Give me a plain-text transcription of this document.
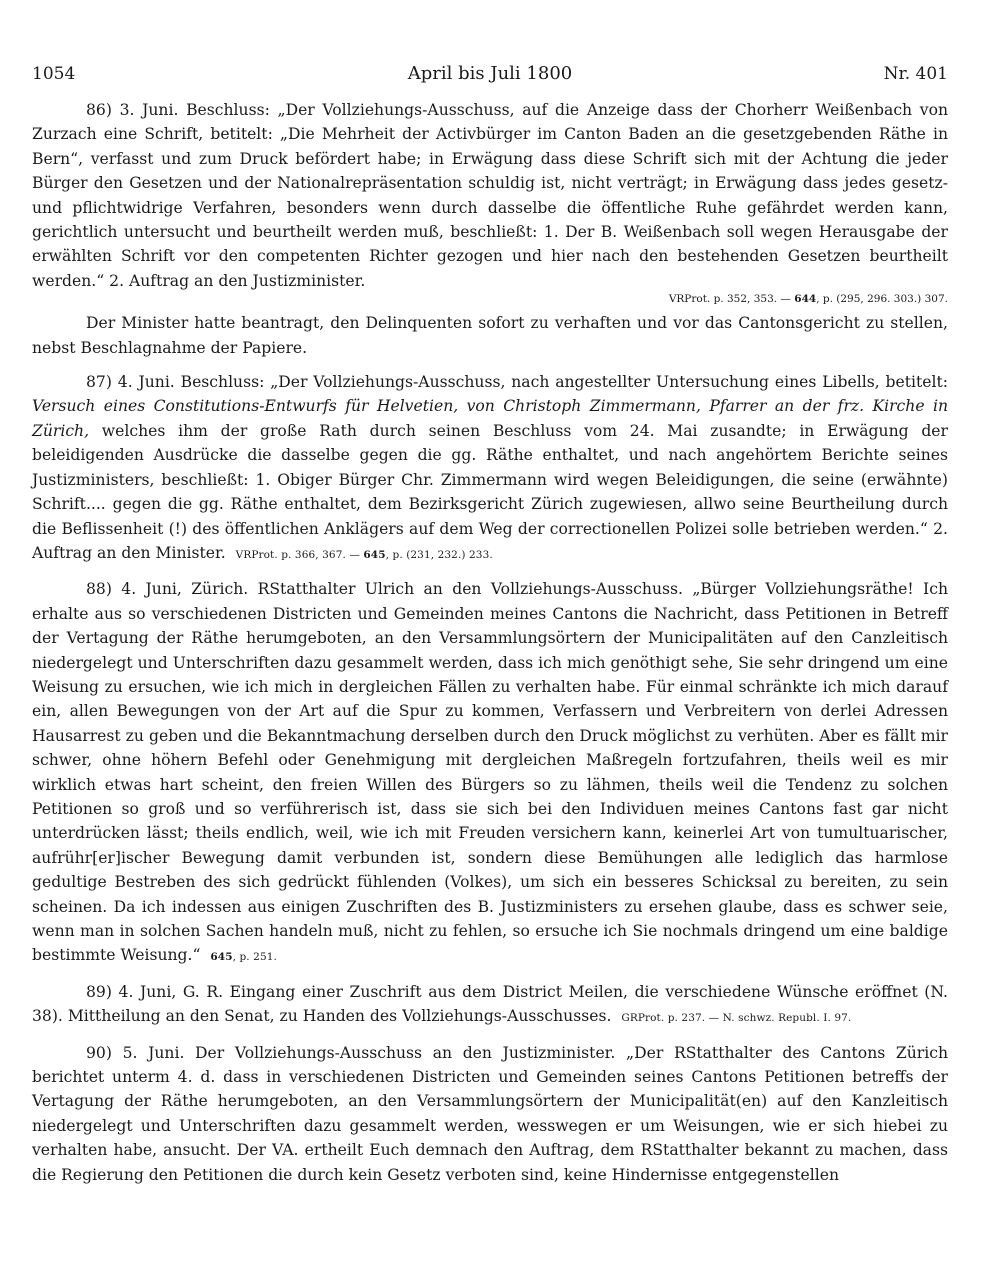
1054	April bis Juli 1800	Nr. 401

86) 3. Juni. Beschluss: „Der Vollziehungs-Ausschuss, auf die Anzeige dass der Chorherr Weißenbach von Zurzach eine Schrift, betitelt: „Die Mehrheit der Activbürger im Canton Baden an die gesetzgebenden Räthe in Bern“, verfasst und zum Druck befördert habe; in Erwägung dass diese Schrift sich mit der Achtung die jeder Bürger den Gesetzen und der Nationalrepräsentation schuldig ist, nicht verträgt; in Erwägung dass jedes gesetz- und pflichtwidrige Verfahren, besonders wenn durch dasselbe die öffentliche Ruhe gefährdet werden kann, gerichtlich untersucht und beurtheilt werden muß, beschließt: 1. Der B. Weißenbach soll wegen Herausgabe der erwählten Schrift vor den competenten Richter gezogen und hier nach den bestehenden Gesetzen beurtheilt werden.“ 2. Auftrag an den Justizminister.

VRProt. p. 352, 353. — 644, p. (295, 296. 303.) 307.

Der Minister hatte beantragt, den Delinquenten sofort zu verhaften und vor das Cantonsgericht zu stellen, nebst Beschlagnahme der Papiere.

87) 4. Juni. Beschluss: „Der Vollziehungs-Ausschuss, nach angestellter Untersuchung eines Libells, betitelt: Versuch eines Constitutions-Entwurfs für Helvetien, von Christoph Zimmermann, Pfarrer an der frz. Kirche in Zürich, welches ihm der große Rath durch seinen Beschluss vom 24. Mai zusandte; in Erwägung der beleidigenden Ausdrücke die dasselbe gegen die gg. Räthe enthaltet, und nach angehörtem Berichte seines Justizministers, beschließt: 1. Obiger Bürger Chr. Zimmermann wird wegen Beleidigungen, die seine (erwähnte) Schrift.... gegen die gg. Räthe enthaltet, dem Bezirksgericht Zürich zugewiesen, allwo seine Beurtheilung durch die Beflissenheit (!) des öffentlichen Anklägers auf dem Weg der correctionellen Polizei solle betrieben werden.“ 2. Auftrag an den Minister. VRProt. p. 366, 367. — 645, p. (231, 232.) 233.

88) 4. Juni, Zürich. RStatthalter Ulrich an den Vollziehungs-Ausschuss. „Bürger Vollziehungsräthe! Ich erhalte aus so verschiedenen Districten und Gemeinden meines Cantons die Nachricht, dass Petitionen in Betreff der Vertagung der Räthe herumgeboten, an den Versammlungsörtern der Municipalitäten auf den Canzleitisch niedergelegt und Unterschriften dazu gesammelt werden, dass ich mich genöthigt sehe, Sie sehr dringend um eine Weisung zu ersuchen, wie ich mich in dergleichen Fällen zu verhalten habe. Für einmal schränkte ich mich darauf ein, allen Bewegungen von der Art auf die Spur zu kommen, Verfassern und Verbreitern von derlei Adressen Hausarrest zu geben und die Bekanntmachung derselben durch den Druck möglichst zu verhüten. Aber es fällt mir schwer, ohne höhern Befehl oder Genehmigung mit dergleichen Maßregeln fortzufahren, theils weil es mir wirklich etwas hart scheint, den freien Willen des Bürgers so zu lähmen, theils weil die Tendenz zu solchen Petitionen so groß und so verführerisch ist, dass sie sich bei den Individuen meines Cantons fast gar nicht unterdrücken lässt; theils endlich, weil, wie ich mit Freuden versichern kann, keinerlei Art von tumultuarischer, aufrühr[er]ischer Bewegung damit verbunden ist, sondern diese Bemühungen alle lediglich das harmlose gedultige Bestreben des sich gedrückt fühlenden (Volkes), um sich ein besseres Schicksal zu bereiten, zu sein scheinen. Da ich indessen aus einigen Zuschriften des B. Justizministers zu ersehen glaube, dass es schwer seie, wenn man in solchen Sachen handeln muß, nicht zu fehlen, so ersuche ich Sie nochmals dringend um eine baldige bestimmte Weisung.“ 645, p. 251.

89) 4. Juni, G. R. Eingang einer Zuschrift aus dem District Meilen, die verschiedene Wünsche eröffnet (N. 38). Mittheilung an den Senat, zu Handen des Vollziehungs-Ausschusses. GRProt. p. 237. — N. schwz. Republ. I. 97.

90) 5. Juni. Der Vollziehungs-Ausschuss an den Justizminister. „Der RStatthalter des Cantons Zürich berichtet unterm 4. d. dass in verschiedenen Districten und Gemeinden seines Cantons Petitionen betreffs der Vertagung der Räthe herumgeboten, an den Versammlungsörtern der Municipalität(en) auf den Kanzleitisch niedergelegt und Unterschriften dazu gesammelt werden, wesswegen er um Weisungen, wie er sich hiebei zu verhalten habe, ansucht. Der VA. ertheilt Euch demnach den Auftrag, dem RStatthalter bekannt zu machen, dass die Regierung den Petitionen die durch kein Gesetz verboten sind, keine Hindernisse entgegenstellen
